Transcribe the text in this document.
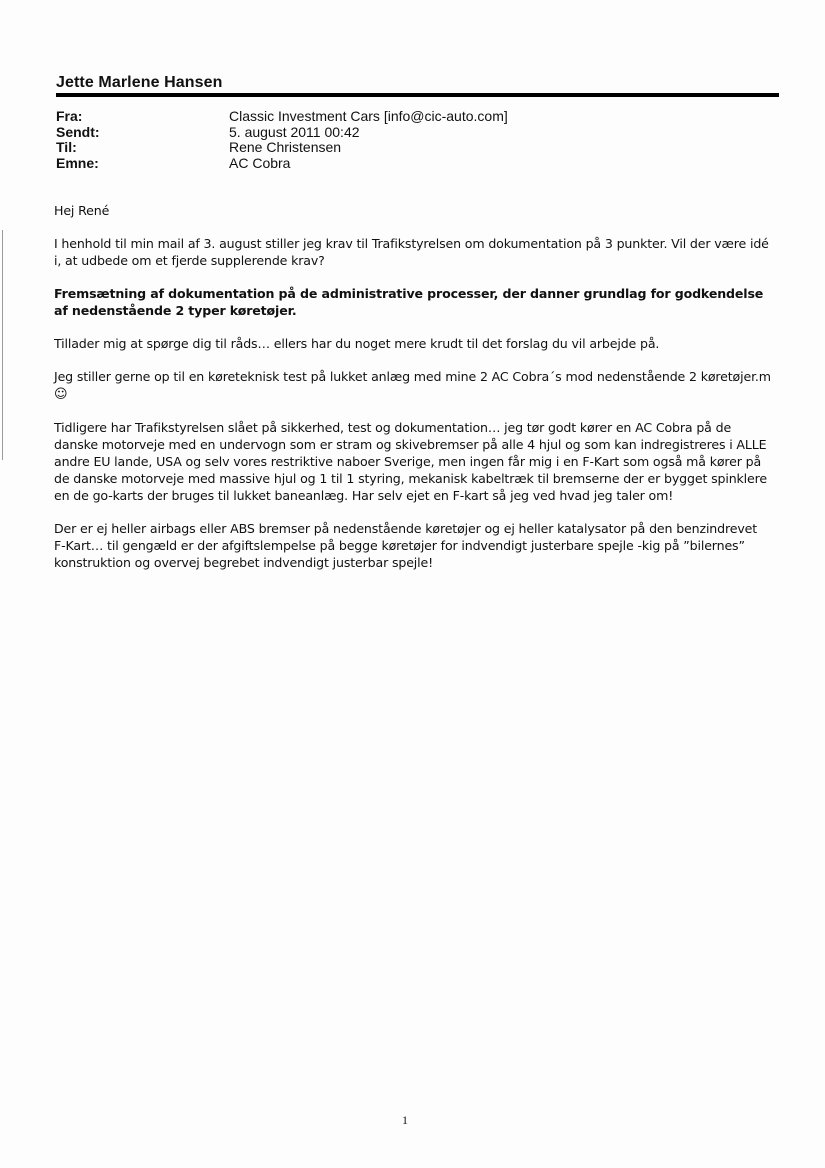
Jette Marlene Hansen
Fra:	Classic Investment Cars [info@cic-auto.com]
Sendt:	5. august 2011 00:42
Til:	Rene Christensen
Emne:	AC Cobra

Hej René

I henhold til min mail af 3. august stiller jeg krav til Trafikstyrelsen om dokumentation på 3 punkter. Vil der være idé i, at udbede om et fjerde supplerende krav?

Fremsætning af dokumentation på de administrative processer, der danner grundlag for godkendelse af nedenstående 2 typer køretøjer.

Tillader mig at spørge dig til råds… ellers har du noget mere krudt til det forslag du vil arbejde på.

Jeg stiller gerne op til en køreteknisk test på lukket anlæg med mine 2 AC Cobra´s mod nedenstående 2 køretøjer.m
☺

Tidligere har Trafikstyrelsen slået på sikkerhed, test og dokumentation… jeg tør godt kører en AC Cobra på de danske motorveje med en undervogn som er stram og skivebremser på alle 4 hjul og som kan indregistreres i ALLE andre EU lande, USA og selv vores restriktive naboer Sverige, men ingen får mig i en F-Kart som også må kører på de danske motorveje med massive hjul og 1 til 1 styring, mekanisk kabeltræk til bremserne der er bygget spinklere en de go-karts der bruges til lukket baneanlæg. Har selv ejet en F-kart så jeg ved hvad jeg taler om!

Der er ej heller airbags eller ABS bremser på nedenstående køretøjer og ej heller katalysator på den benzindrevet F-Kart… til gengæld er der afgiftslempelse på begge køretøjer for indvendigt justerbare spejle -kig på ”bilernes” konstruktion og overvej begrebet indvendigt justerbar spejle!

1
